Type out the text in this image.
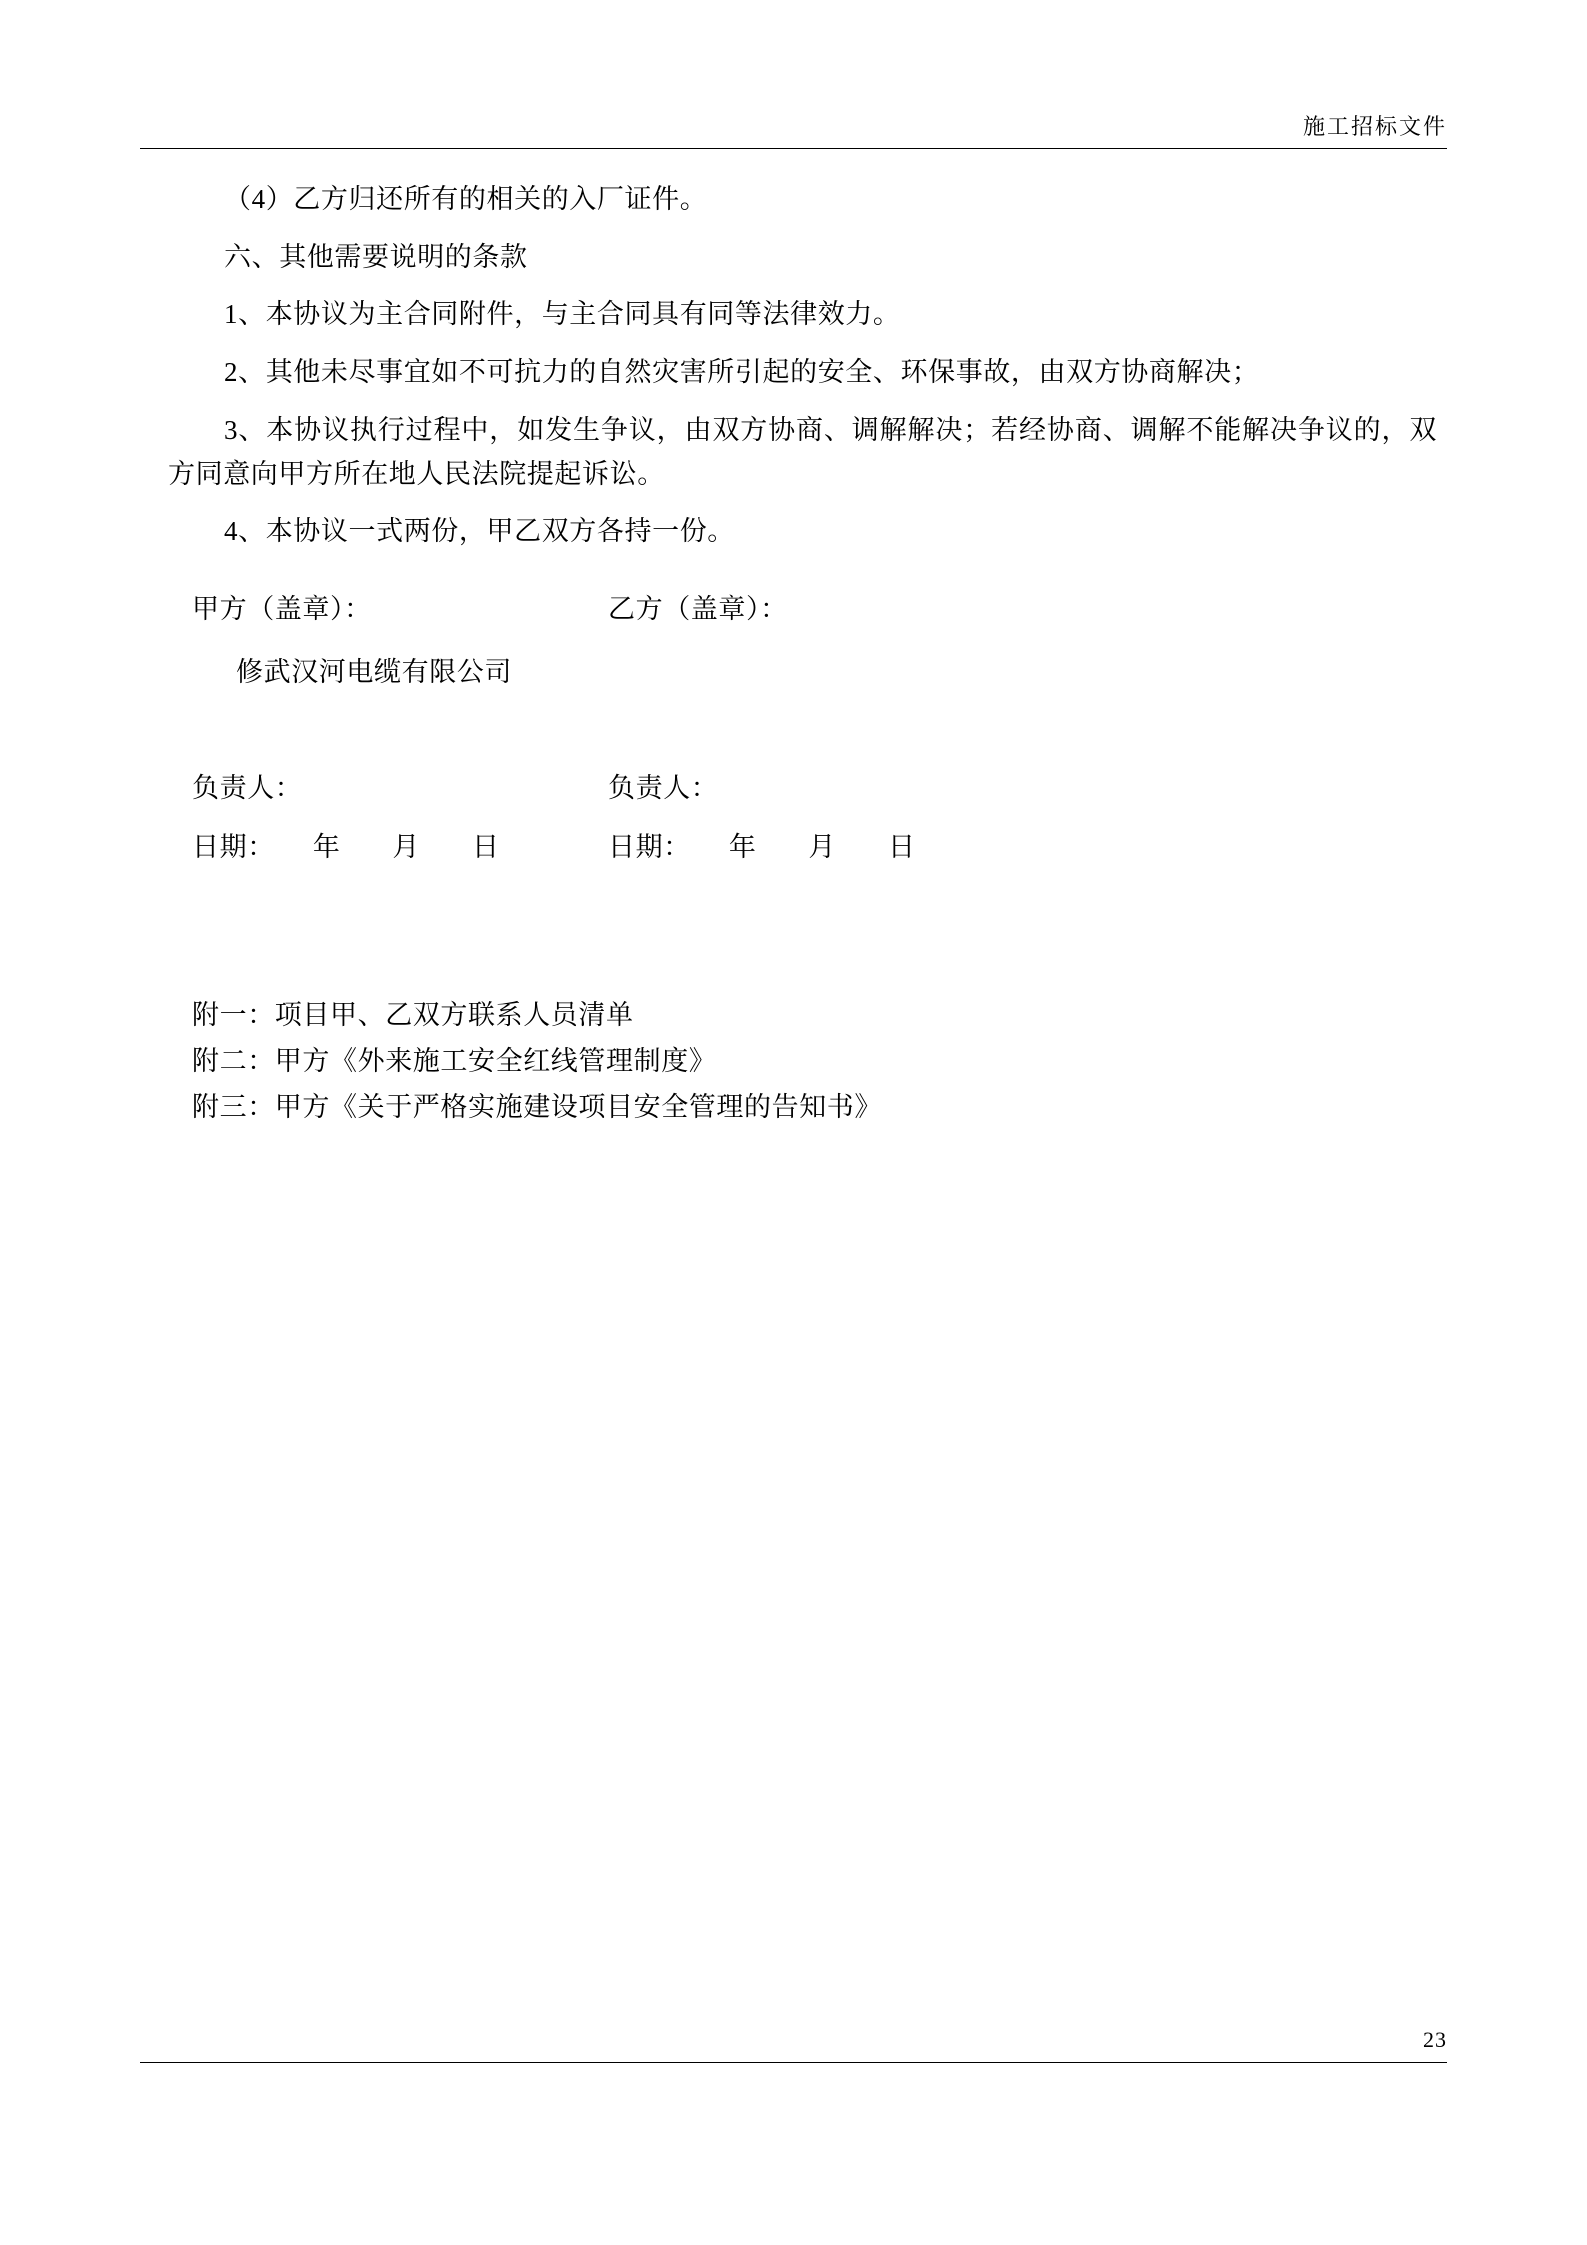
施工招标文件

（4）乙方归还所有的相关的入厂证件。

六、其他需要说明的条款

1、本协议为主合同附件，与主合同具有同等法律效力。

2、其他未尽事宜如不可抗力的自然灾害所引起的安全、环保事故，由双方协商解决；

3、本协议执行过程中，如发生争议，由双方协商、调解解决；若经协商、调解不能解决争议的，双方同意向甲方所在地人民法院提起诉讼。

4、本协议一式两份，甲乙双方各持一份。

甲方（盖章）：	乙方（盖章）：
修武汉河电缆有限公司
负责人：	负责人：
日期： 年 月 日	日期： 年 月 日
附一：项目甲、乙双方联系人员清单
附二：甲方《外来施工安全红线管理制度》
附三：甲方《关于严格实施建设项目安全管理的告知书》
23
